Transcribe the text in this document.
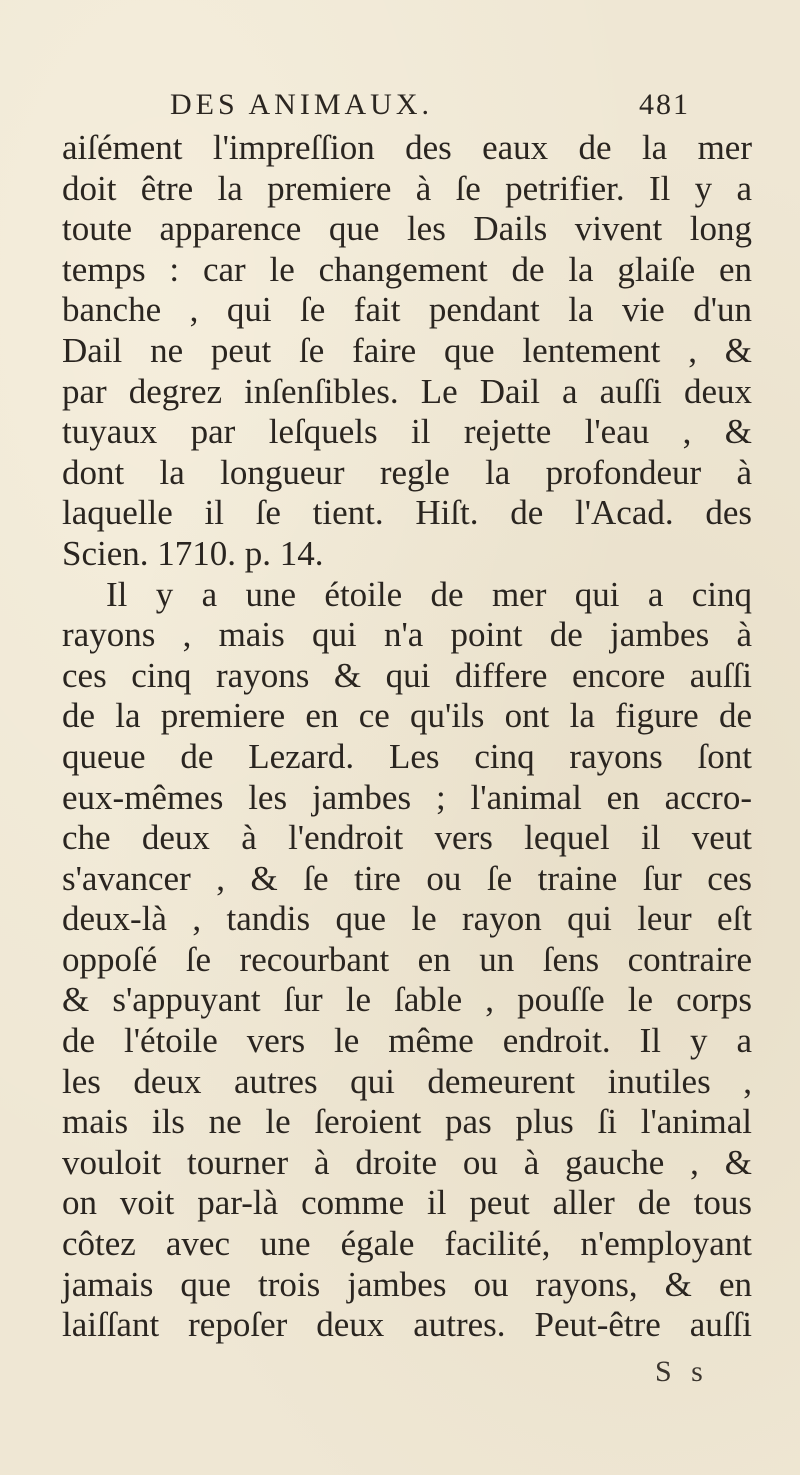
DES ANIMAUX.	481
aiſément l'impreſſion des eaux de la mer
doit être la premiere à ſe petrifier. Il y a
toute apparence que les Dails vivent long
temps : car le changement de la glaiſe en
banche , qui ſe fait pendant la vie d'un
Dail ne peut ſe faire que lentement , &
par degrez inſenſibles. Le Dail a auſſi deux
tuyaux par leſquels il rejette l'eau , &
dont la longueur regle la profondeur à
laquelle il ſe tient. Hiſt. de l'Acad. des
Scien. 1710. p. 14.
Il y a une étoile de mer qui a cinq
rayons , mais qui n'a point de jambes à
ces cinq rayons & qui differe encore auſſi
de la premiere en ce qu'ils ont la figure de
queue de Lezard. Les cinq rayons ſont
eux-mêmes les jambes ; l'animal en accro-
che deux à l'endroit vers lequel il veut
s'avancer , & ſe tire ou ſe traine ſur ces
deux-là , tandis que le rayon qui leur eſt
oppoſé ſe recourbant en un ſens contraire
& s'appuyant ſur le ſable , pouſſe le corps
de l'étoile vers le même endroit. Il y a
les deux autres qui demeurent inutiles ,
mais ils ne le ſeroient pas plus ſi l'animal
vouloit tourner à droite ou à gauche , &
on voit par-là comme il peut aller de tous
côtez avec une égale facilité, n'employant
jamais que trois jambes ou rayons, & en
laiſſant repoſer deux autres. Peut-être auſſi
S s
